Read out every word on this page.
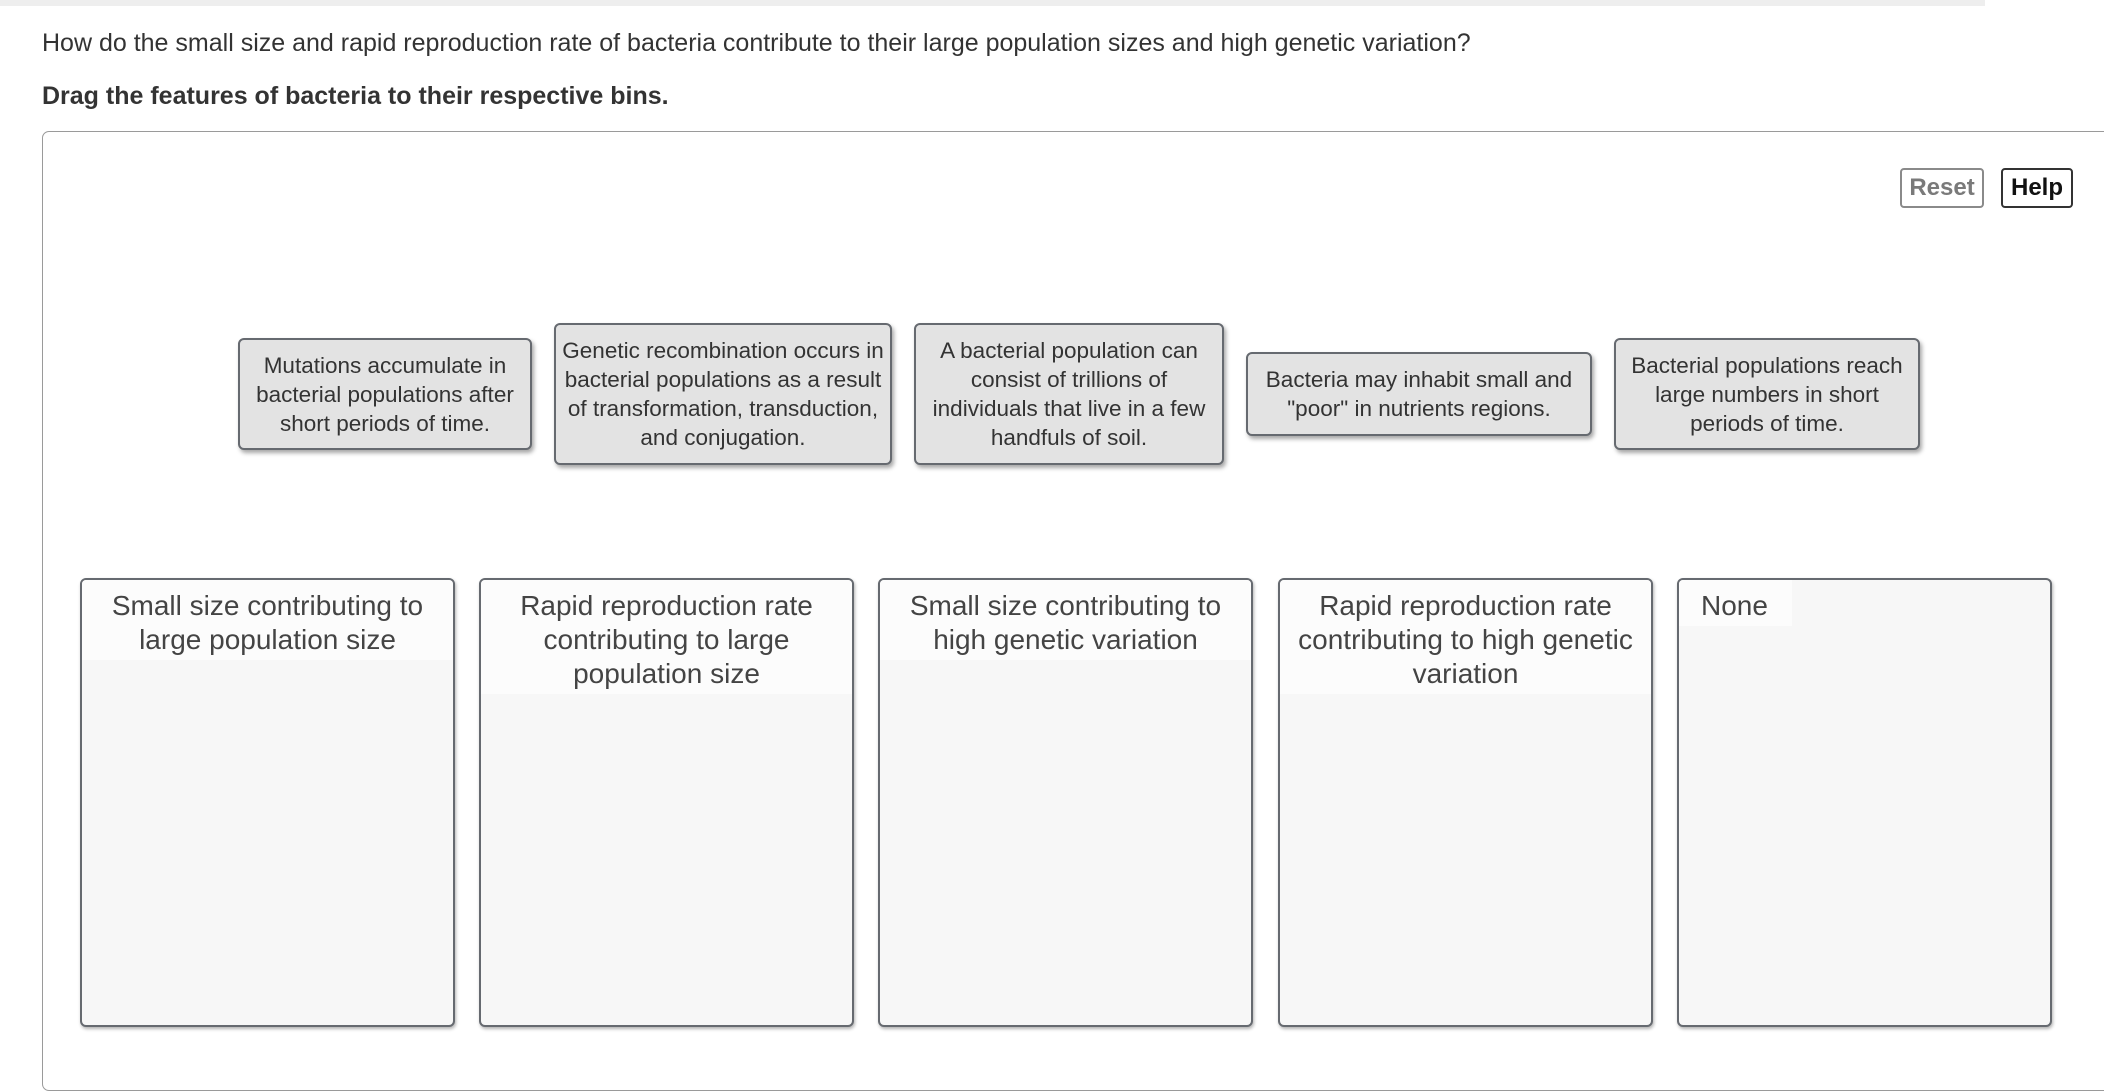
How do the small size and rapid reproduction rate of bacteria contribute to their large population sizes and high genetic variation?
Drag the features of bacteria to their respective bins.
Reset	Help
Mutations accumulate in bacterial populations after short periods of time.
Genetic recombination occurs in bacterial populations as a result of transformation, transduction, and conjugation.
A bacterial population can consist of trillions of individuals that live in a few handfuls of soil.
Bacteria may inhabit small and "poor" in nutrients regions.
Bacterial populations reach large numbers in short periods of time.
Small size contributing to large population size
Rapid reproduction rate contributing to large population size
Small size contributing to high genetic variation
Rapid reproduction rate contributing to high genetic variation
None
